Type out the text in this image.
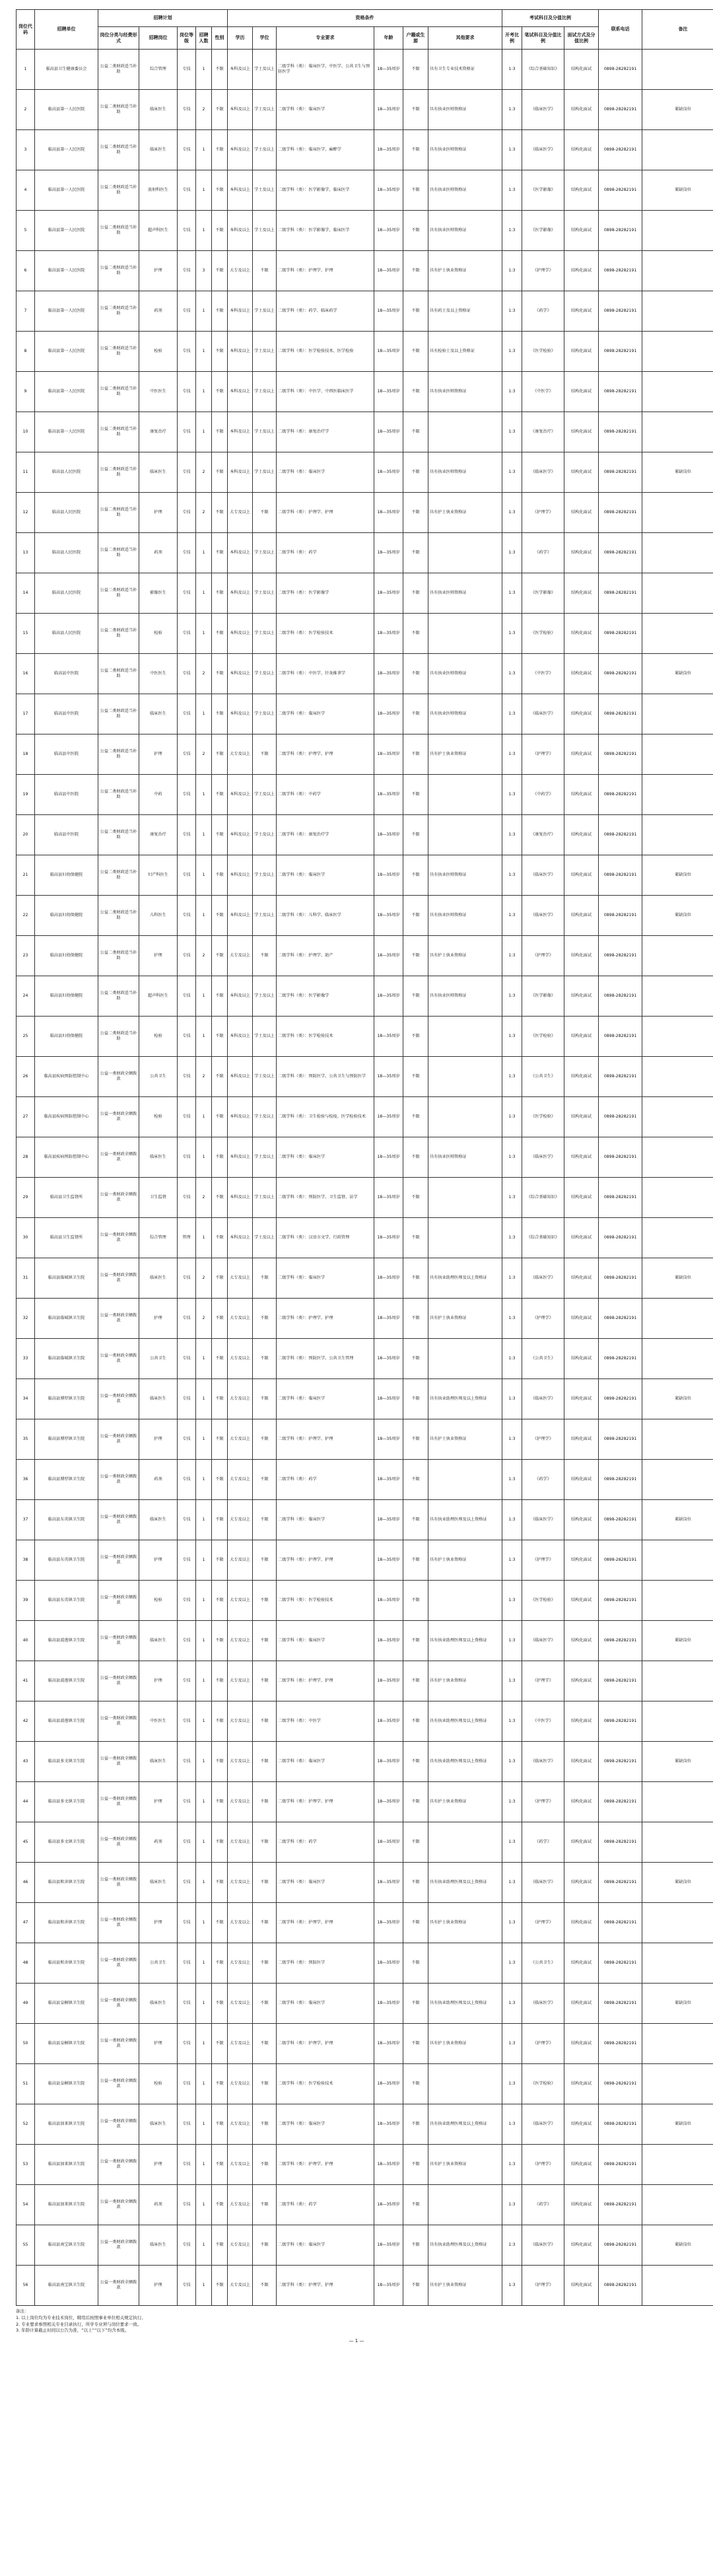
岗位代码	招聘单位	招聘计划					资格条件						考试科目及分值比例			联系电话	备注
		岗位分类与经费形式	招聘岗位	岗位等级	招聘人数	性别	学历	学位	专业要求	年龄	户籍或生源	其他要求	开考比例	笔试科目及分值比例	面试方式及分值比例		
1	临高县卫生健康委员会	公益二类财政适当补助	综合管理	专技	1	不限	本科及以上	学士及以上	二级学科（类）：临床医学、中医学、公共卫生与预防医学	18—35周岁	不限	具有卫生专业技术资格证	1:3	《综合基础知识》	结构化面试	0898-28282191	
2	临高县第一人民医院	公益二类财政适当补助	临床医生	专技	2	不限	本科及以上	学士及以上	二级学科（类）：临床医学	18—35周岁	不限	具有执业医师资格证	1:3	《临床医学》	结构化面试	0898-28282191	紧缺岗位
3	临高县第一人民医院	公益二类财政适当补助	临床医生	专技	1	不限	本科及以上	学士及以上	二级学科（类）：临床医学、麻醉学	18—35周岁	不限	具有执业医师资格证	1:3	《临床医学》	结构化面试	0898-28282191	
4	临高县第一人民医院	公益二类财政适当补助	放射科医生	专技	1	不限	本科及以上	学士及以上	二级学科（类）：医学影像学、临床医学	18—35周岁	不限	具有执业医师资格证	1:3	《医学影像》	结构化面试	0898-28282191	紧缺岗位
5	临高县第一人民医院	公益二类财政适当补助	超声科医生	专技	1	不限	本科及以上	学士及以上	二级学科（类）：医学影像学、临床医学	18—35周岁	不限	具有执业医师资格证	1:3	《医学影像》	结构化面试	0898-28282191	
6	临高县第一人民医院	公益二类财政适当补助	护理	专技	3	不限	大专及以上	不限	二级学科（类）：护理学、护理	18—35周岁	不限	具有护士执业资格证	1:3	《护理学》	结构化面试	0898-28282191	
7	临高县第一人民医院	公益二类财政适当补助	药剂	专技	1	不限	本科及以上	学士及以上	二级学科（类）：药学、临床药学	18—35周岁	不限	具有药士及以上资格证	1:3	《药学》	结构化面试	0898-28282191	
8	临高县第一人民医院	公益二类财政适当补助	检验	专技	1	不限	本科及以上	学士及以上	二级学科（类）：医学检验技术、医学检验	18—35周岁	不限	具有检验士及以上资格证	1:3	《医学检验》	结构化面试	0898-28282191	
9	临高县第一人民医院	公益二类财政适当补助	中医医生	专技	1	不限	本科及以上	学士及以上	二级学科（类）：中医学、中西医临床医学	18—35周岁	不限	具有执业医师资格证	1:3	《中医学》	结构化面试	0898-28282191	
10	临高县第一人民医院	公益二类财政适当补助	康复治疗	专技	1	不限	本科及以上	学士及以上	二级学科（类）：康复治疗学	18—35周岁	不限		1:3	《康复治疗》	结构化面试	0898-28282191	
11	临高县人民医院	公益二类财政适当补助	临床医生	专技	2	不限	本科及以上	学士及以上	二级学科（类）：临床医学	18—35周岁	不限	具有执业医师资格证	1:3	《临床医学》	结构化面试	0898-28282191	紧缺岗位
12	临高县人民医院	公益二类财政适当补助	护理	专技	2	不限	大专及以上	不限	二级学科（类）：护理学、护理	18—35周岁	不限	具有护士执业资格证	1:3	《护理学》	结构化面试	0898-28282191	
13	临高县人民医院	公益二类财政适当补助	药剂	专技	1	不限	本科及以上	学士及以上	二级学科（类）：药学	18—35周岁	不限		1:3	《药学》	结构化面试	0898-28282191	
14	临高县人民医院	公益二类财政适当补助	影像医生	专技	1	不限	本科及以上	学士及以上	二级学科（类）：医学影像学	18—35周岁	不限	具有执业医师资格证	1:3	《医学影像》	结构化面试	0898-28282191	
15	临高县人民医院	公益二类财政适当补助	检验	专技	1	不限	本科及以上	学士及以上	二级学科（类）：医学检验技术	18—35周岁	不限		1:3	《医学检验》	结构化面试	0898-28282191	
16	临高县中医院	公益二类财政适当补助	中医医生	专技	2	不限	本科及以上	学士及以上	二级学科（类）：中医学、针灸推拿学	18—35周岁	不限	具有执业医师资格证	1:3	《中医学》	结构化面试	0898-28282191	紧缺岗位
17	临高县中医院	公益二类财政适当补助	临床医生	专技	1	不限	本科及以上	学士及以上	二级学科（类）：临床医学	18—35周岁	不限	具有执业医师资格证	1:3	《临床医学》	结构化面试	0898-28282191	
18	临高县中医院	公益二类财政适当补助	护理	专技	2	不限	大专及以上	不限	二级学科（类）：护理学、护理	18—35周岁	不限	具有护士执业资格证	1:3	《护理学》	结构化面试	0898-28282191	
19	临高县中医院	公益二类财政适当补助	中药	专技	1	不限	本科及以上	学士及以上	二级学科（类）：中药学	18—35周岁	不限		1:3	《中药学》	结构化面试	0898-28282191	
20	临高县中医院	公益二类财政适当补助	康复治疗	专技	1	不限	本科及以上	学士及以上	二级学科（类）：康复治疗学	18—35周岁	不限		1:3	《康复治疗》	结构化面试	0898-28282191	
21	临高县妇幼保健院	公益二类财政适当补助	妇产科医生	专技	1	不限	本科及以上	学士及以上	二级学科（类）：临床医学	18—35周岁	不限	具有执业医师资格证	1:3	《临床医学》	结构化面试	0898-28282191	紧缺岗位
22	临高县妇幼保健院	公益二类财政适当补助	儿科医生	专技	1	不限	本科及以上	学士及以上	二级学科（类）：儿科学、临床医学	18—35周岁	不限	具有执业医师资格证	1:3	《临床医学》	结构化面试	0898-28282191	紧缺岗位
23	临高县妇幼保健院	公益二类财政适当补助	护理	专技	2	不限	大专及以上	不限	二级学科（类）：护理学、助产	18—35周岁	不限	具有护士执业资格证	1:3	《护理学》	结构化面试	0898-28282191	
24	临高县妇幼保健院	公益二类财政适当补助	超声科医生	专技	1	不限	本科及以上	学士及以上	二级学科（类）：医学影像学	18—35周岁	不限	具有执业医师资格证	1:3	《医学影像》	结构化面试	0898-28282191	
25	临高县妇幼保健院	公益二类财政适当补助	检验	专技	1	不限	本科及以上	学士及以上	二级学科（类）：医学检验技术	18—35周岁	不限		1:3	《医学检验》	结构化面试	0898-28282191	
26	临高县疾病预防控制中心	公益一类财政全额拨款	公共卫生	专技	2	不限	本科及以上	学士及以上	二级学科（类）：预防医学、公共卫生与预防医学	18—35周岁	不限		1:3	《公共卫生》	结构化面试	0898-28282191	
27	临高县疾病预防控制中心	公益一类财政全额拨款	检验	专技	1	不限	本科及以上	学士及以上	二级学科（类）：卫生检验与检疫、医学检验技术	18—35周岁	不限		1:3	《医学检验》	结构化面试	0898-28282191	
28	临高县疾病预防控制中心	公益一类财政全额拨款	临床医生	专技	1	不限	本科及以上	学士及以上	二级学科（类）：临床医学	18—35周岁	不限	具有执业医师资格证	1:3	《临床医学》	结构化面试	0898-28282191	
29	临高县卫生监督所	公益一类财政全额拨款	卫生监督	专技	2	不限	本科及以上	学士及以上	二级学科（类）：预防医学、卫生监督、法学	18—35周岁	不限		1:3	《综合基础知识》	结构化面试	0898-28282191	
30	临高县卫生监督所	公益一类财政全额拨款	综合管理	管理	1	不限	本科及以上	学士及以上	二级学科（类）：汉语言文学、行政管理	18—35周岁	不限		1:3	《综合基础知识》	结构化面试	0898-28282191	
31	临高县临城镇卫生院	公益一类财政全额拨款	临床医生	专技	2	不限	大专及以上	不限	二级学科（类）：临床医学	18—35周岁	不限	具有执业助理医师及以上资格证	1:3	《临床医学》	结构化面试	0898-28282191	紧缺岗位
32	临高县临城镇卫生院	公益一类财政全额拨款	护理	专技	2	不限	大专及以上	不限	二级学科（类）：护理学、护理	18—35周岁	不限	具有护士执业资格证	1:3	《护理学》	结构化面试	0898-28282191	
33	临高县临城镇卫生院	公益一类财政全额拨款	公共卫生	专技	1	不限	大专及以上	不限	二级学科（类）：预防医学、公共卫生管理	18—35周岁	不限		1:3	《公共卫生》	结构化面试	0898-28282191	
34	临高县博厚镇卫生院	公益一类财政全额拨款	临床医生	专技	1	不限	大专及以上	不限	二级学科（类）：临床医学	18—35周岁	不限	具有执业助理医师及以上资格证	1:3	《临床医学》	结构化面试	0898-28282191	紧缺岗位
35	临高县博厚镇卫生院	公益一类财政全额拨款	护理	专技	1	不限	大专及以上	不限	二级学科（类）：护理学、护理	18—35周岁	不限	具有护士执业资格证	1:3	《护理学》	结构化面试	0898-28282191	
36	临高县博厚镇卫生院	公益一类财政全额拨款	药剂	专技	1	不限	大专及以上	不限	二级学科（类）：药学	18—35周岁	不限		1:3	《药学》	结构化面试	0898-28282191	
37	临高县东英镇卫生院	公益一类财政全额拨款	临床医生	专技	1	不限	大专及以上	不限	二级学科（类）：临床医学	18—35周岁	不限	具有执业助理医师及以上资格证	1:3	《临床医学》	结构化面试	0898-28282191	紧缺岗位
38	临高县东英镇卫生院	公益一类财政全额拨款	护理	专技	1	不限	大专及以上	不限	二级学科（类）：护理学、护理	18—35周岁	不限	具有护士执业资格证	1:3	《护理学》	结构化面试	0898-28282191	
39	临高县东英镇卫生院	公益一类财政全额拨款	检验	专技	1	不限	大专及以上	不限	二级学科（类）：医学检验技术	18—35周岁	不限		1:3	《医学检验》	结构化面试	0898-28282191	
40	临高县波莲镇卫生院	公益一类财政全额拨款	临床医生	专技	1	不限	大专及以上	不限	二级学科（类）：临床医学	18—35周岁	不限	具有执业助理医师及以上资格证	1:3	《临床医学》	结构化面试	0898-28282191	紧缺岗位
41	临高县波莲镇卫生院	公益一类财政全额拨款	护理	专技	1	不限	大专及以上	不限	二级学科（类）：护理学、护理	18—35周岁	不限	具有护士执业资格证	1:3	《护理学》	结构化面试	0898-28282191	
42	临高县波莲镇卫生院	公益一类财政全额拨款	中医医生	专技	1	不限	大专及以上	不限	二级学科（类）：中医学	18—35周岁	不限	具有执业助理医师及以上资格证	1:3	《中医学》	结构化面试	0898-28282191	
43	临高县多文镇卫生院	公益一类财政全额拨款	临床医生	专技	1	不限	大专及以上	不限	二级学科（类）：临床医学	18—35周岁	不限	具有执业助理医师及以上资格证	1:3	《临床医学》	结构化面试	0898-28282191	紧缺岗位
44	临高县多文镇卫生院	公益一类财政全额拨款	护理	专技	1	不限	大专及以上	不限	二级学科（类）：护理学、护理	18—35周岁	不限	具有护士执业资格证	1:3	《护理学》	结构化面试	0898-28282191	
45	临高县多文镇卫生院	公益一类财政全额拨款	药剂	专技	1	不限	大专及以上	不限	二级学科（类）：药学	18—35周岁	不限		1:3	《药学》	结构化面试	0898-28282191	
46	临高县和舍镇卫生院	公益一类财政全额拨款	临床医生	专技	1	不限	大专及以上	不限	二级学科（类）：临床医学	18—35周岁	不限	具有执业助理医师及以上资格证	1:3	《临床医学》	结构化面试	0898-28282191	紧缺岗位
47	临高县和舍镇卫生院	公益一类财政全额拨款	护理	专技	1	不限	大专及以上	不限	二级学科（类）：护理学、护理	18—35周岁	不限	具有护士执业资格证	1:3	《护理学》	结构化面试	0898-28282191	
48	临高县和舍镇卫生院	公益一类财政全额拨款	公共卫生	专技	1	不限	大专及以上	不限	二级学科（类）：预防医学	18—35周岁	不限		1:3	《公共卫生》	结构化面试	0898-28282191	
49	临高县皇桐镇卫生院	公益一类财政全额拨款	临床医生	专技	1	不限	大专及以上	不限	二级学科（类）：临床医学	18—35周岁	不限	具有执业助理医师及以上资格证	1:3	《临床医学》	结构化面试	0898-28282191	紧缺岗位
50	临高县皇桐镇卫生院	公益一类财政全额拨款	护理	专技	1	不限	大专及以上	不限	二级学科（类）：护理学、护理	18—35周岁	不限	具有护士执业资格证	1:3	《护理学》	结构化面试	0898-28282191	
51	临高县皇桐镇卫生院	公益一类财政全额拨款	检验	专技	1	不限	大专及以上	不限	二级学科（类）：医学检验技术	18—35周岁	不限		1:3	《医学检验》	结构化面试	0898-28282191	
52	临高县加来镇卫生院	公益一类财政全额拨款	临床医生	专技	1	不限	大专及以上	不限	二级学科（类）：临床医学	18—35周岁	不限	具有执业助理医师及以上资格证	1:3	《临床医学》	结构化面试	0898-28282191	紧缺岗位
53	临高县加来镇卫生院	公益一类财政全额拨款	护理	专技	1	不限	大专及以上	不限	二级学科（类）：护理学、护理	18—35周岁	不限	具有护士执业资格证	1:3	《护理学》	结构化面试	0898-28282191	
54	临高县加来镇卫生院	公益一类财政全额拨款	药剂	专技	1	不限	大专及以上	不限	二级学科（类）：药学	18—35周岁	不限		1:3	《药学》	结构化面试	0898-28282191	
55	临高县南宝镇卫生院	公益一类财政全额拨款	临床医生	专技	1	不限	大专及以上	不限	二级学科（类）：临床医学	18—35周岁	不限	具有执业助理医师及以上资格证	1:3	《临床医学》	结构化面试	0898-28282191	紧缺岗位
56	临高县南宝镇卫生院	公益一类财政全额拨款	护理	专技	1	不限	大专及以上	不限	二级学科（类）：护理学、护理	18—35周岁	不限	具有护士执业资格证	1:3	《护理学》	结构化面试	0898-28282191	
备注：
1. 以上岗位均为专业技术岗位，聘用后按照事业单位相关规定执行。
2. 专业要求参照相关专业目录执行，所学专业须与岗位要求一致。
3. 年龄计算截止时间以公告为准，“以上”“以下”均含本级。
— 1 —
